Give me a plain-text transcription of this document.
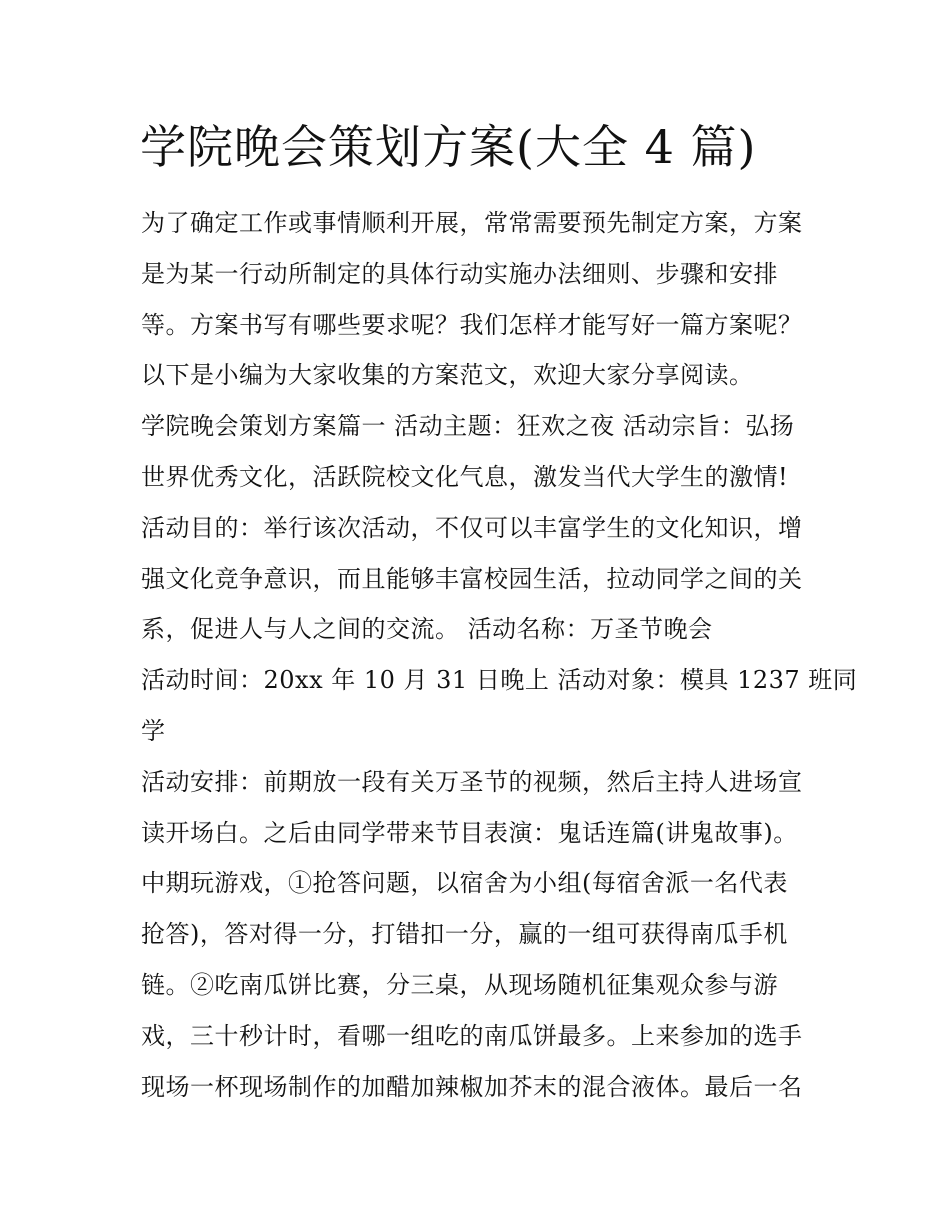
学院晚会策划方案(大全 4 篇)
为了确定工作或事情顺利开展，常常需要预先制定方案，方案
是为某一行动所制定的具体行动实施办法细则、步骤和安排
等。方案书写有哪些要求呢？我们怎样才能写好一篇方案呢？
以下是小编为大家收集的方案范文，欢迎大家分享阅读。
学院晚会策划方案篇一 活动主题：狂欢之夜 活动宗旨：弘扬
世界优秀文化，活跃院校文化气息，激发当代大学生的激情!
活动目的：举行该次活动，不仅可以丰富学生的文化知识，增
强文化竞争意识，而且能够丰富校园生活，拉动同学之间的关
系，促进人与人之间的交流。 活动名称：万圣节晚会
活动时间：20xx 年 10 月 31 日晚上 活动对象：模具 1237 班同
学
活动安排：前期放一段有关万圣节的视频，然后主持人进场宣
读开场白。之后由同学带来节目表演：鬼话连篇(讲鬼故事)。
中期玩游戏，①抢答问题，以宿舍为小组(每宿舍派一名代表
抢答)，答对得一分，打错扣一分，赢的一组可获得南瓜手机
链。②吃南瓜饼比赛，分三桌，从现场随机征集观众参与游
戏，三十秒计时，看哪一组吃的南瓜饼最多。上来参加的选手
现场一杯现场制作的加醋加辣椒加芥末的混合液体。最后一名
